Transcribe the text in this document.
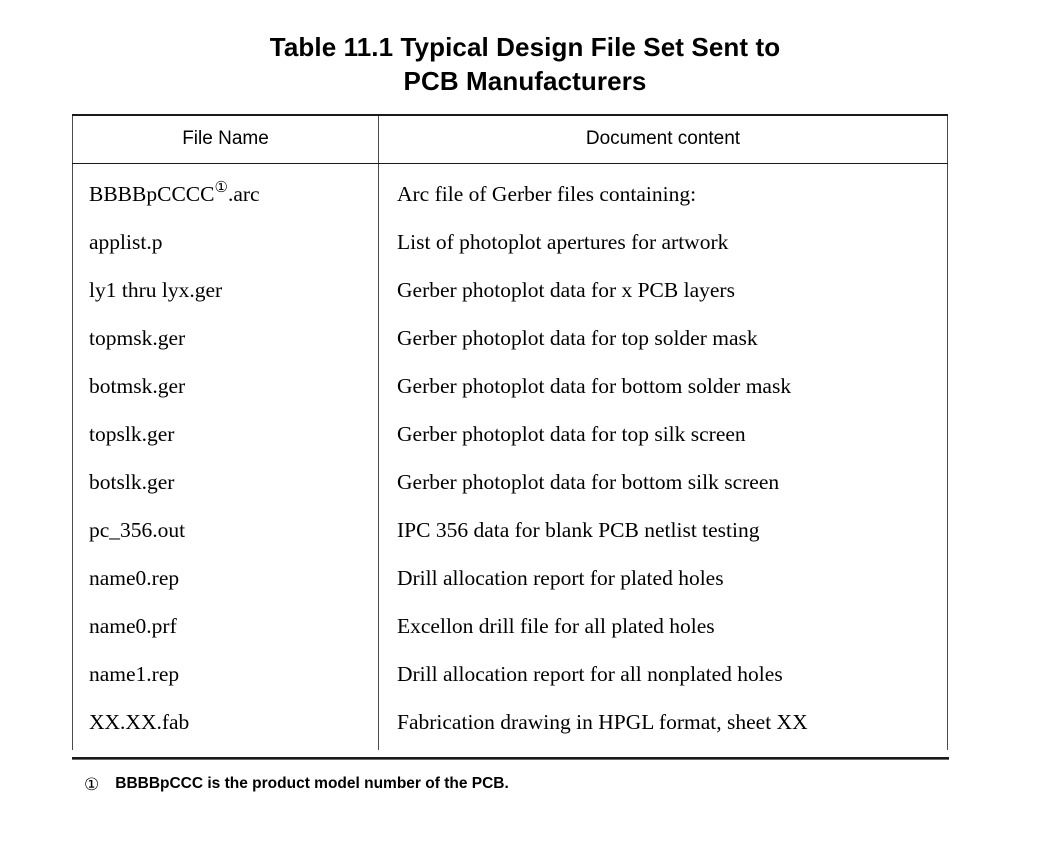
Table 11.1 Typical Design File Set Sent to
PCB Manufacturers
File Name	Document content
BBBBpCCCC①.arc	Arc file of Gerber files containing:
applist.p	List of photoplot apertures for artwork
ly1 thru lyx.ger	Gerber photoplot data for x PCB layers
topmsk.ger	Gerber photoplot data for top solder mask
botmsk.ger	Gerber photoplot data for bottom solder mask
topslk.ger	Gerber photoplot data for top silk screen
botslk.ger	Gerber photoplot data for bottom silk screen
pc_356.out	IPC 356 data for blank PCB netlist testing
name0.rep	Drill allocation report for plated holes
name0.prf	Excellon drill file for all plated holes
name1.rep	Drill allocation report for all nonplated holes
XX.XX.fab	Fabrication drawing in HPGL format, sheet XX
① BBBBpCCC is the product model number of the PCB.
